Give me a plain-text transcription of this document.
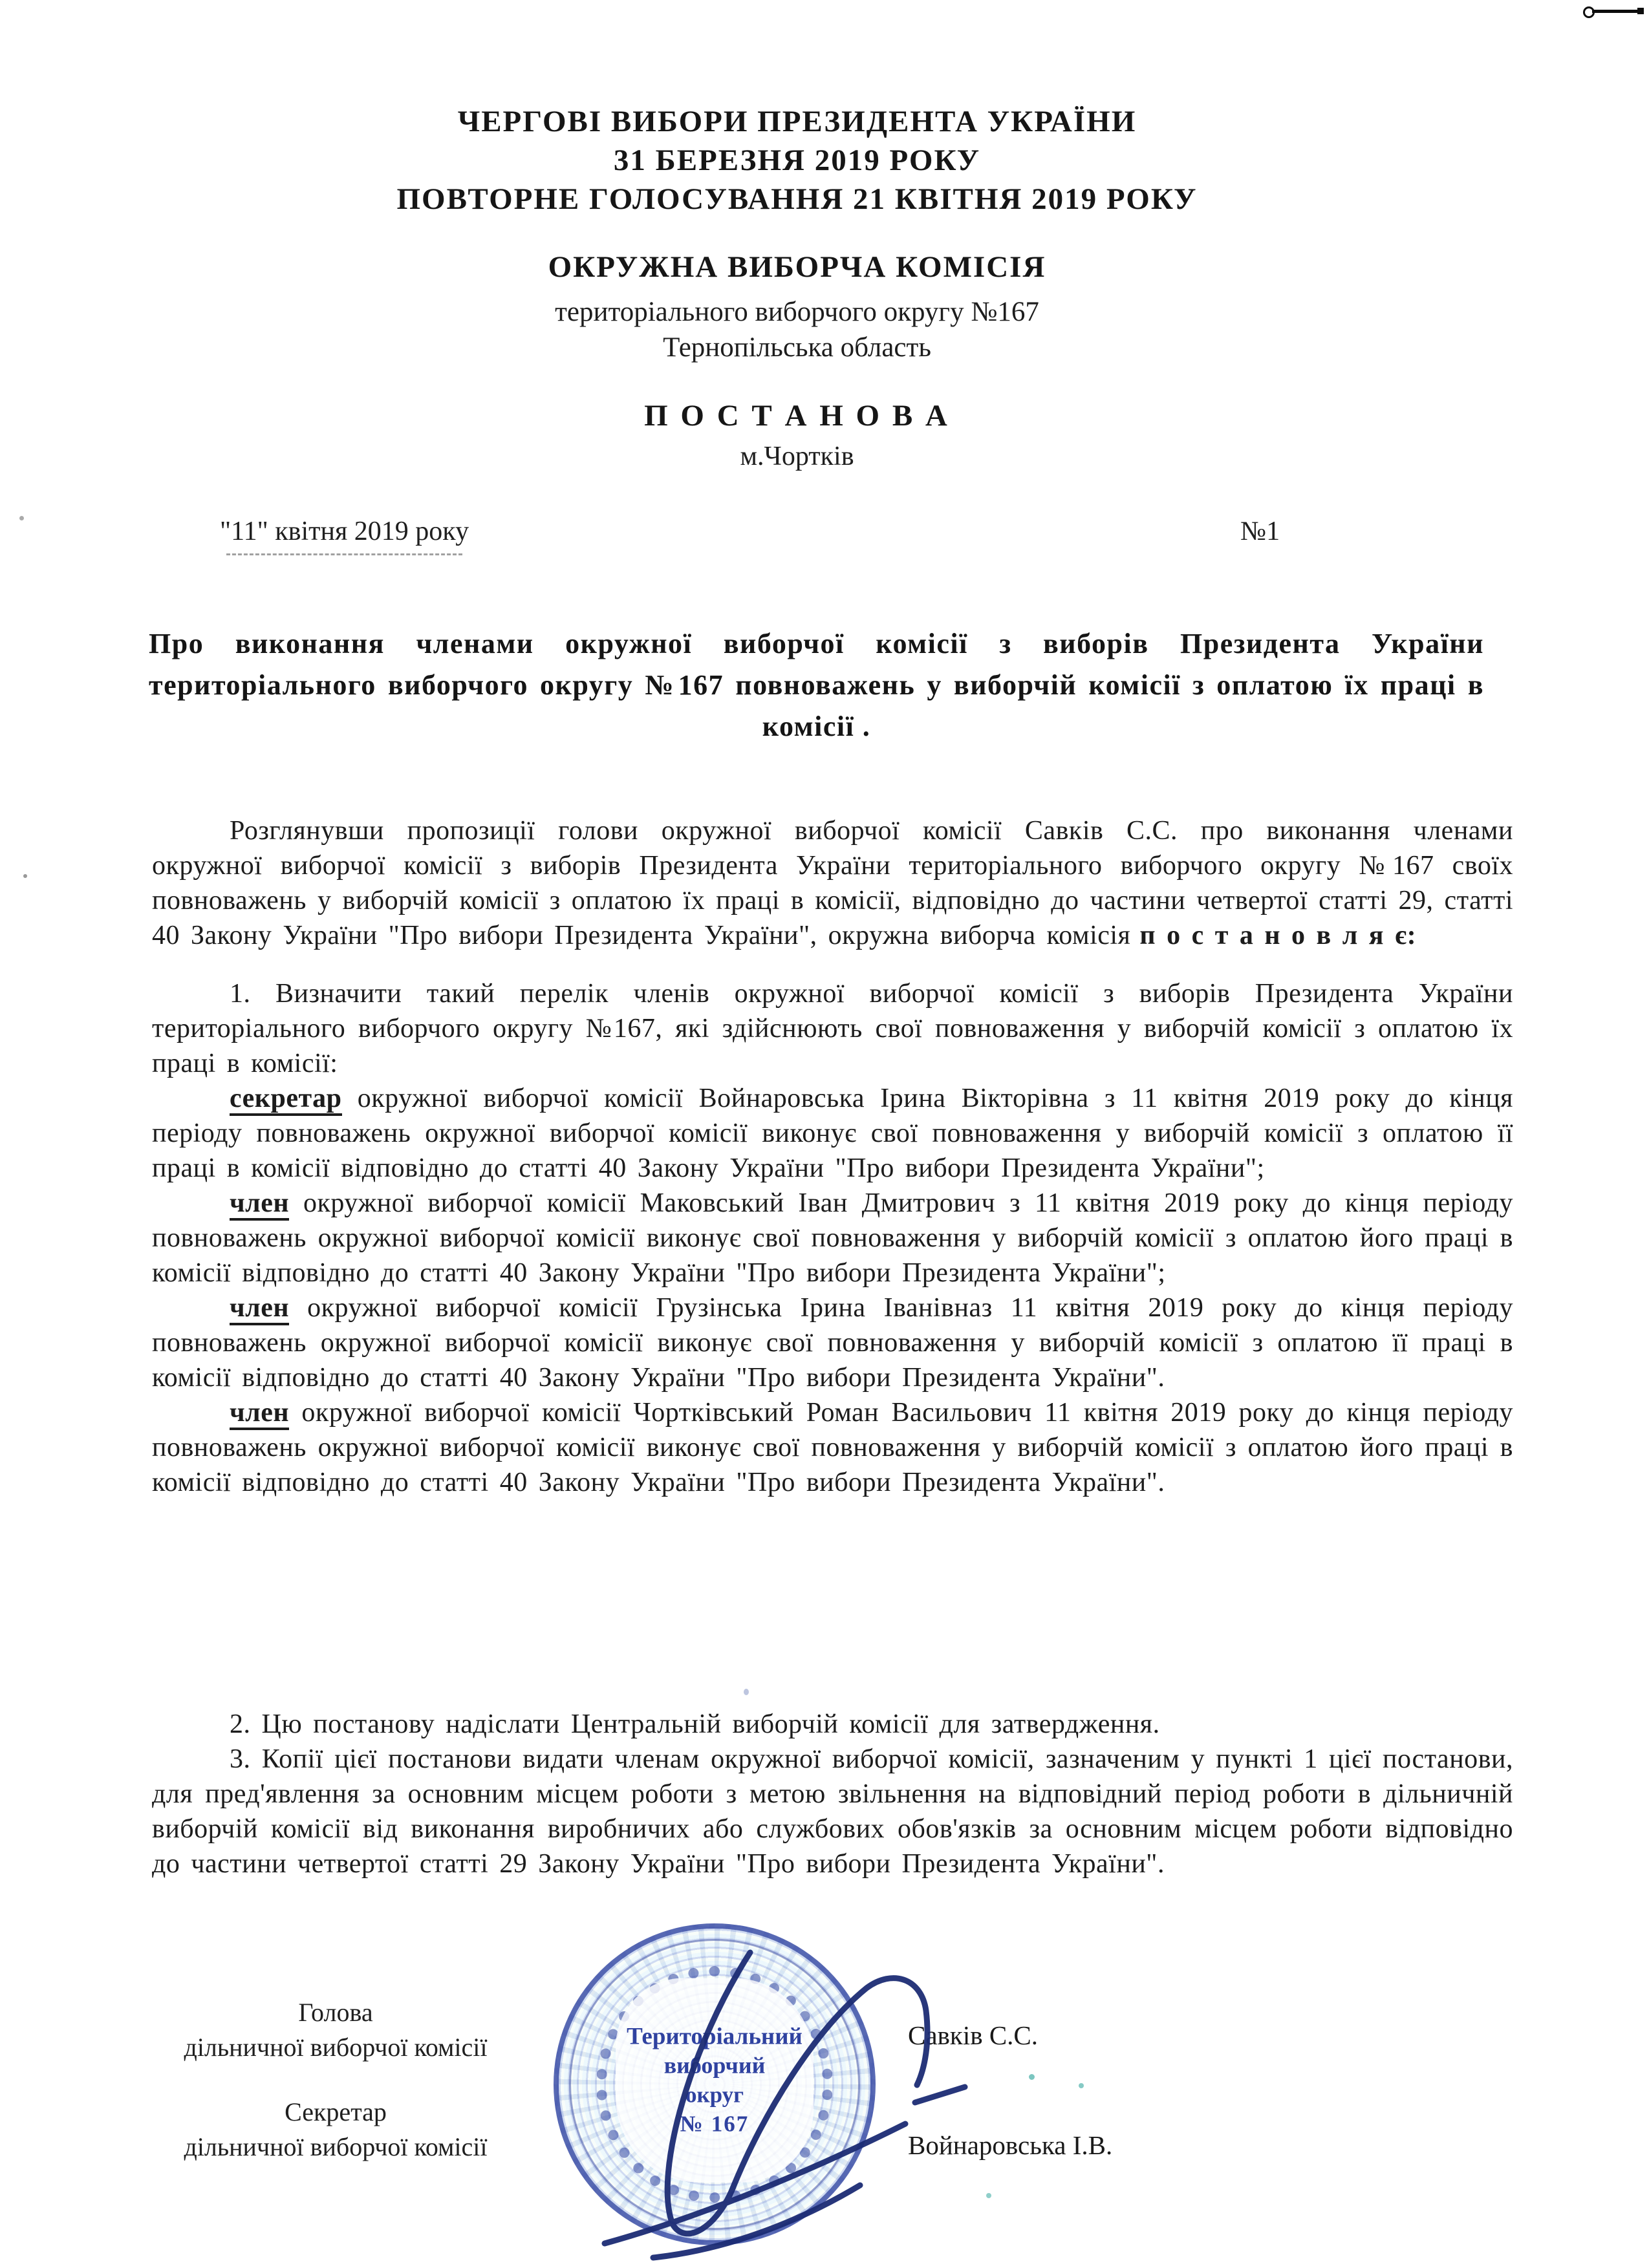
ЧЕРГОВІ ВИБОРИ ПРЕЗИДЕНТА УКРАЇНИ
31 БЕРЕЗНЯ 2019 РОКУ
ПОВТОРНЕ ГОЛОСУВАННЯ 21 КВІТНЯ 2019 РОКУ
ОКРУЖНА ВИБОРЧА КОМІСІЯ
територіального виборчого округу №167
Тернопільська область
П О С Т А Н О В А
м.Чортків
"11" квітня 2019 року	№1
Про виконання членами окружної виборчої комісії з виборів Президента України територіального виборчого округу №167 повноважень у виборчій комісії з оплатою їх праці в комісії .

Розглянувши пропозиції голови окружної виборчої комісії Савків С.С. про виконання членами окружної виборчої комісії з виборів Президента України територіального виборчого округу №167 своїх повноважень у виборчій комісії з оплатою їх праці в комісії, відповідно до частини четвертої статті 29, статті 40 Закону України "Про вибори Президента України", окружна виборча комісія п о с т а н о в л я є:

1. Визначити такий перелік членів окружної виборчої комісії з виборів Президента України територіального виборчого округу №167, які здійснюють свої повноваження у виборчій комісії з оплатою їх праці в комісії:

секретар окружної виборчої комісії Войнаровська Ірина Вікторівна з 11 квітня 2019 року до кінця періоду повноважень окружної виборчої комісії виконує свої повноваження у виборчій комісії з оплатою її праці в комісії відповідно до статті 40 Закону України "Про вибори Президента України";

член окружної виборчої комісії Маковський Іван Дмитрович з 11 квітня 2019 року до кінця періоду повноважень окружної виборчої комісії виконує свої повноваження у виборчій комісії з оплатою його праці в комісії відповідно до статті 40 Закону України "Про вибори Президента України";

член окружної виборчої комісії Грузінська Ірина Іванівназ 11 квітня 2019 року до кінця періоду повноважень окружної виборчої комісії виконує свої повноваження у виборчій комісії з оплатою її праці в комісії відповідно до статті 40 Закону України "Про вибори Президента України".

член окружної виборчої комісії Чортківський Роман Васильович 11 квітня 2019 року до кінця періоду повноважень окружної виборчої комісії виконує свої повноваження у виборчій комісії з оплатою його праці в комісії відповідно до статті 40 Закону України "Про вибори Президента України".

2. Цю постанову надіслати Центральній виборчій комісії для затвердження.

3. Копії цієї постанови видати членам окружної виборчої комісії, зазначеним у пункті 1 цієї постанови, для пред'явлення за основним місцем роботи з метою звільнення на відповідний період роботи в дільничній виборчій комісії від виконання виробничих або службових обов'язків за основним місцем роботи відповідно до частини четвертої статті 29 Закону України "Про вибори Президента України".

Голова
дільничної виборчої комісії
Секретар
дільничної виборчої комісії
Савків С.С.
Войнаровська І.В.
Територіальний
виборчий
округ
№ 167
